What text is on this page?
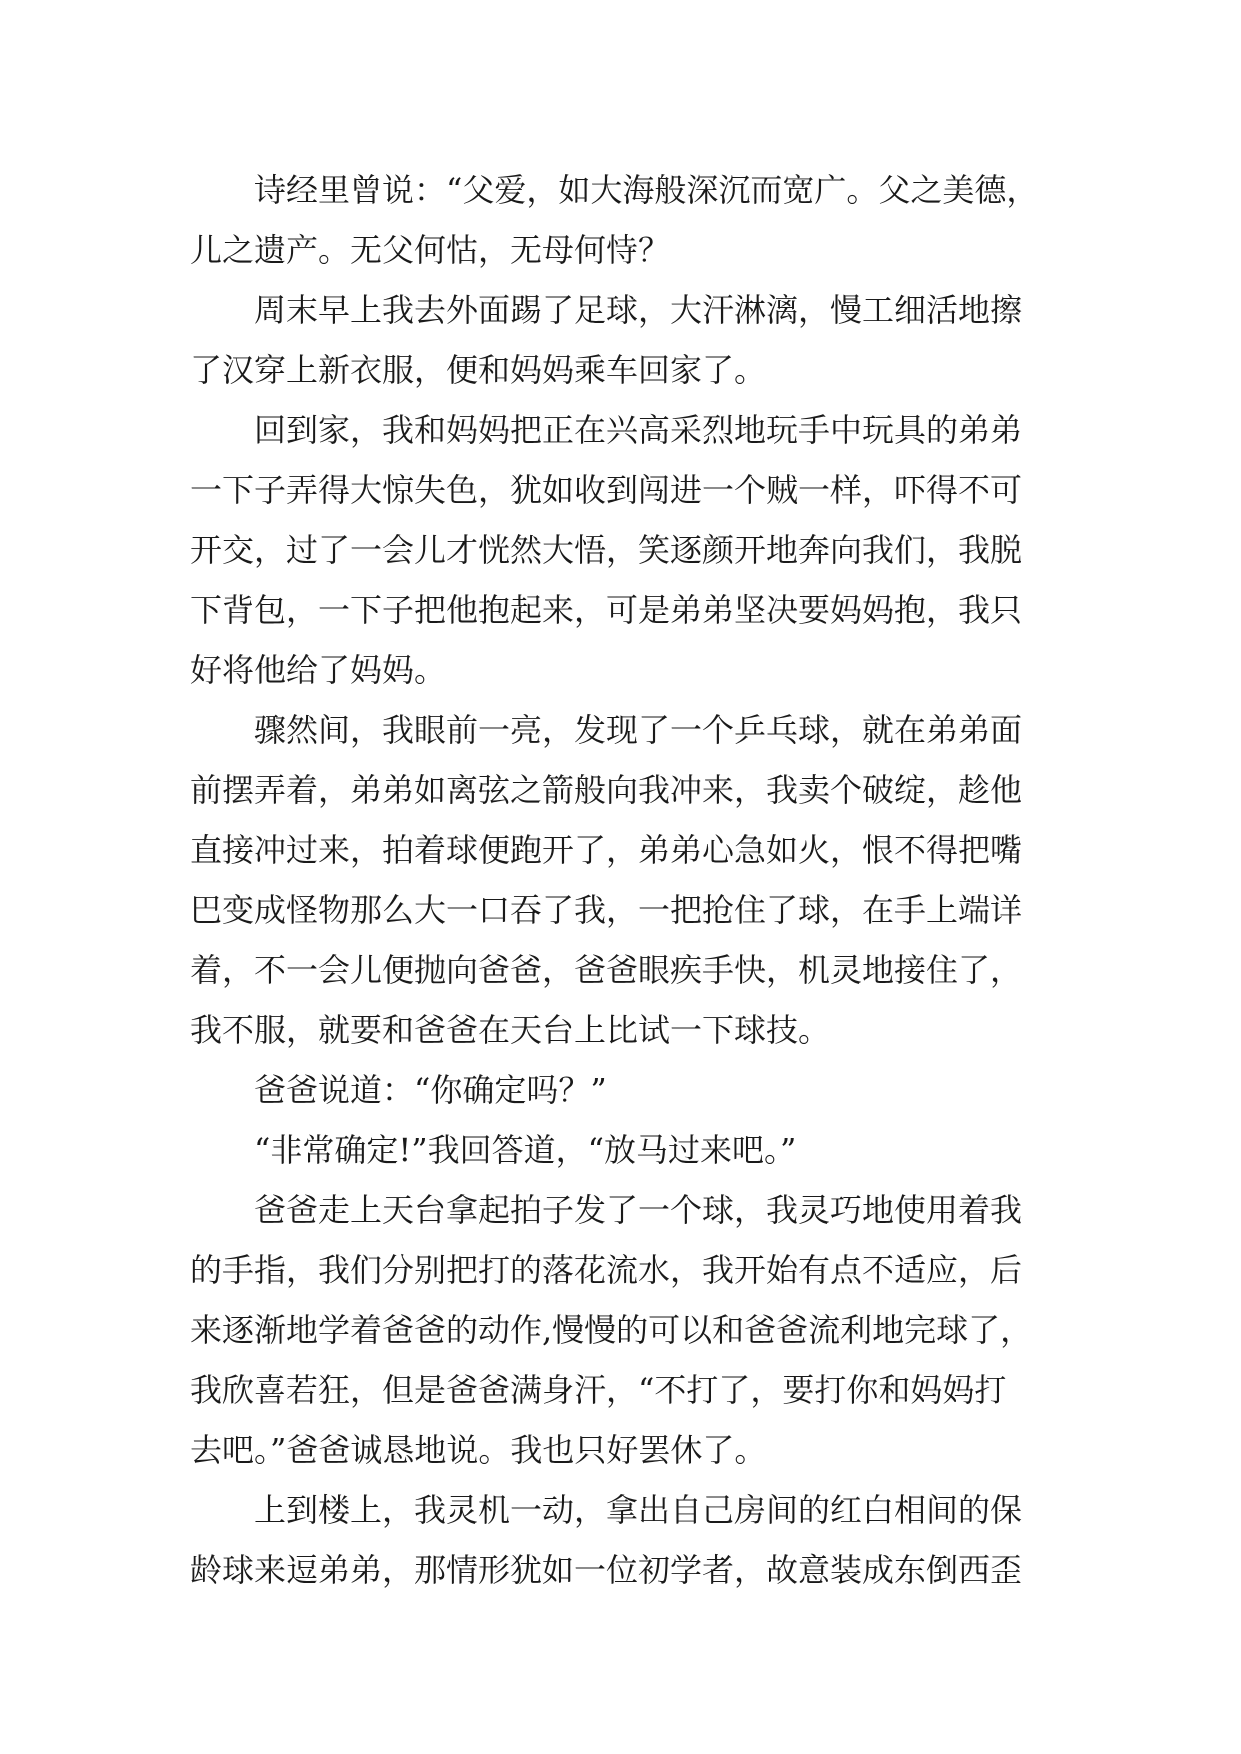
诗经里曾说：“父爱，如大海般深沉而宽广。父之美德，
儿之遗产。无父何怙，无母何恃？
周末早上我去外面踢了足球，大汗淋漓，慢工细活地擦
了汉穿上新衣服，便和妈妈乘车回家了。
回到家，我和妈妈把正在兴高采烈地玩手中玩具的弟弟
一下子弄得大惊失色，犹如收到闯进一个贼一样，吓得不可
开交，过了一会儿才恍然大悟，笑逐颜开地奔向我们，我脱
下背包，一下子把他抱起来，可是弟弟坚决要妈妈抱，我只
好将他给了妈妈。
骤然间，我眼前一亮，发现了一个乒乓球，就在弟弟面
前摆弄着，弟弟如离弦之箭般向我冲来，我卖个破绽，趁他
直接冲过来，拍着球便跑开了，弟弟心急如火，恨不得把嘴
巴变成怪物那么大一口吞了我，一把抢住了球，在手上端详
着，不一会儿便抛向爸爸，爸爸眼疾手快，机灵地接住了，
我不服，就要和爸爸在天台上比试一下球技。
爸爸说道：“你确定吗？”
“非常确定!”我回答道，“放马过来吧。”
爸爸走上天台拿起拍子发了一个球，我灵巧地使用着我
的手指，我们分别把打的落花流水，我开始有点不适应，后
来逐渐地学着爸爸的动作,慢慢的可以和爸爸流利地完球了，
我欣喜若狂，但是爸爸满身汗，“不打了，要打你和妈妈打
去吧。”爸爸诚恳地说。我也只好罢休了。
上到楼上，我灵机一动，拿出自己房间的红白相间的保
龄球来逗弟弟，那情形犹如一位初学者，故意装成东倒西歪
